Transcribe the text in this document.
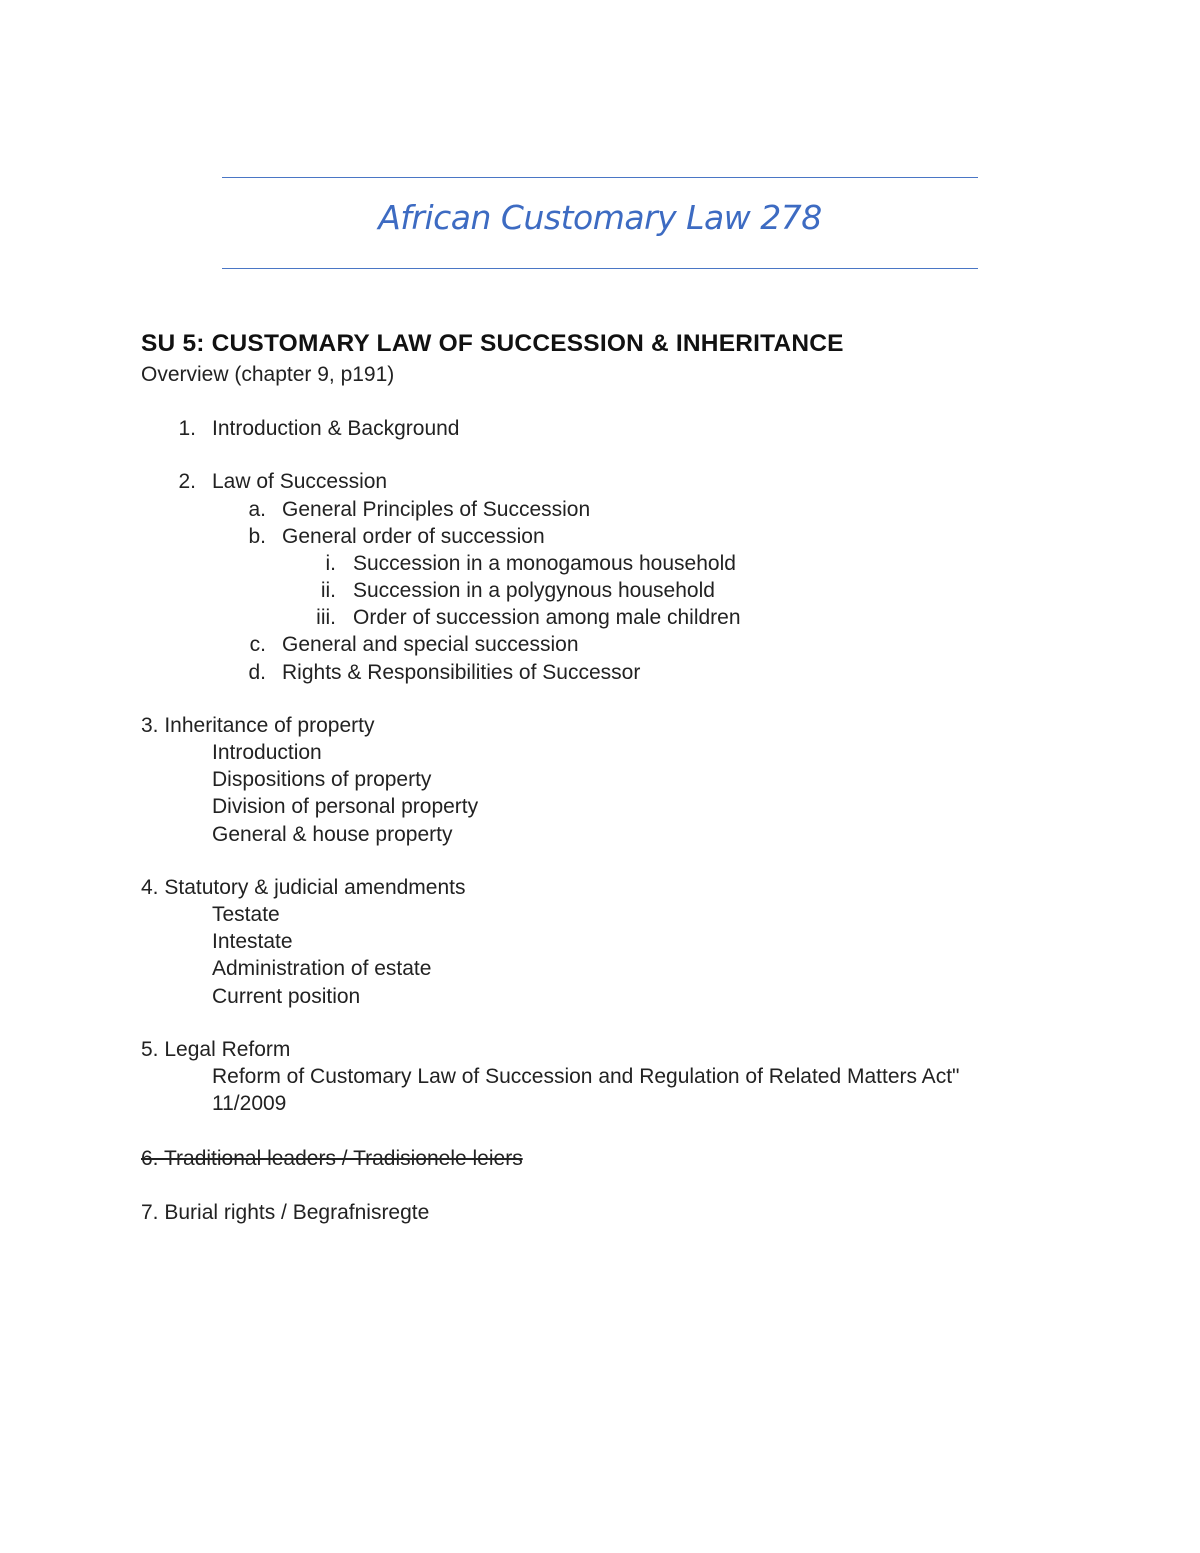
African Customary Law 278
SU 5: CUSTOMARY LAW OF SUCCESSION & INHERITANCE
Overview (chapter 9, p191)
1. Introduction & Background
2. Law of Succession
a. General Principles of Succession
b. General order of succession
i. Succession in a monogamous household
ii. Succession in a polygynous household
iii. Order of succession among male children
c. General and special succession
d. Rights & Responsibilities of Successor
3. Inheritance of property
Introduction
Dispositions of property
Division of personal property
General & house property
4. Statutory & judicial amendments
Testate
Intestate
Administration of estate
Current position
5. Legal Reform
Reform of Customary Law of Succession and Regulation of Related Matters Act"
11/2009
6. Traditional leaders / Tradisionele leiers
7. Burial rights / Begrafnisregte
